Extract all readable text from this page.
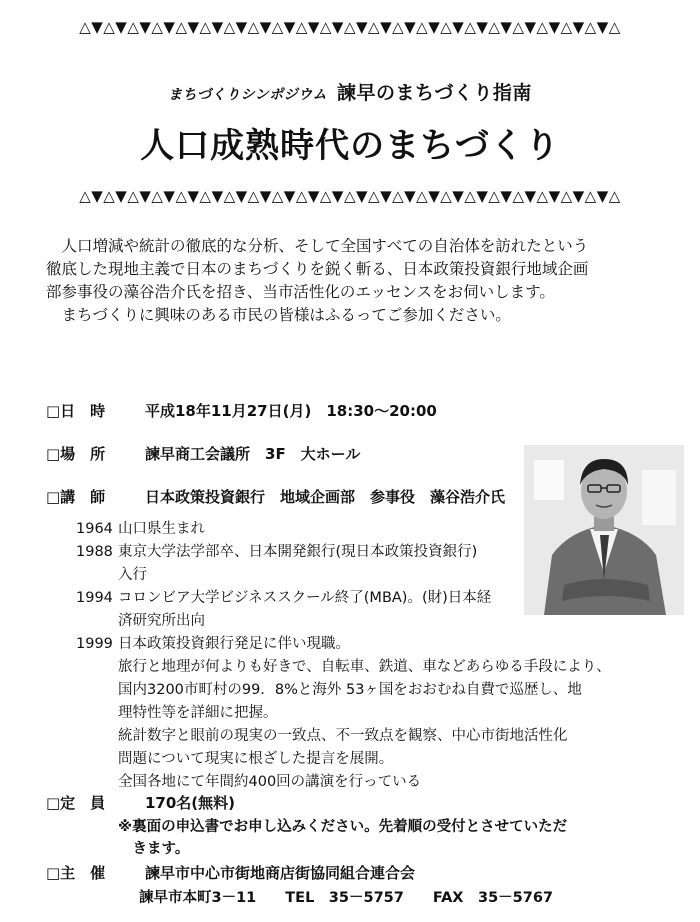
△▼△▼△▼△▼△▼△▼△▼△▼△▼△▼△▼△▼△▼△▼△▼△▼△▼△▼△▼△▼△▼△▼△
まちづくりシンポジウム 諫早のまちづくり指南
人口成熟時代のまちづくり
△▼△▼△▼△▼△▼△▼△▼△▼△▼△▼△▼△▼△▼△▼△▼△▼△▼△▼△▼△▼△▼△▼△

　人口増減や統計の徹底的な分析、そして全国すべての自治体を訪れたという

徹底した現地主義で日本のまちづくりを鋭く斬る、日本政策投資銀行地域企画

部参事役の藻谷浩介氏を招き、当市活性化のエッセンスをお伺いします。

　まちづくりに興味のある市民の皆様はふるってご参加ください。

□日　時	平成18年11月27日(月)　18:30〜20:00
□場　所	諫早商工会議所　3F　大ホール
□講　師	日本政策投資銀行　地域企画部　参事役　藻谷浩介氏
1964 山口県生まれ
1988 東京大学法学部卒、日本開発銀行(現日本政策投資銀行)
入行
1994 コロンビア大学ビジネススクール終了(MBA)。(財)日本経
済研究所出向
1999 日本政策投資銀行発足に伴い現職。
旅行と地理が何よりも好きで、自転車、鉄道、車などあらゆる手段により、
国内3200市町村の99．8%と海外 53ヶ国をおおむね自費で巡歴し、地
理特性等を詳細に把握。
統計数字と眼前の現実の一致点、不一致点を観察、中心市街地活性化
問題について現実に根ざした提言を展開。
全国各地にて年間約400回の講演を行っている
□定　員	170名(無料)
※裏面の申込書でお申し込みください。先着順の受付とさせていただ
　きます。
□主　催	諫早市中心市街地商店街協同組合連合会
諫早市本町3－11　　TEL　35－5757　　FAX　35－5767
